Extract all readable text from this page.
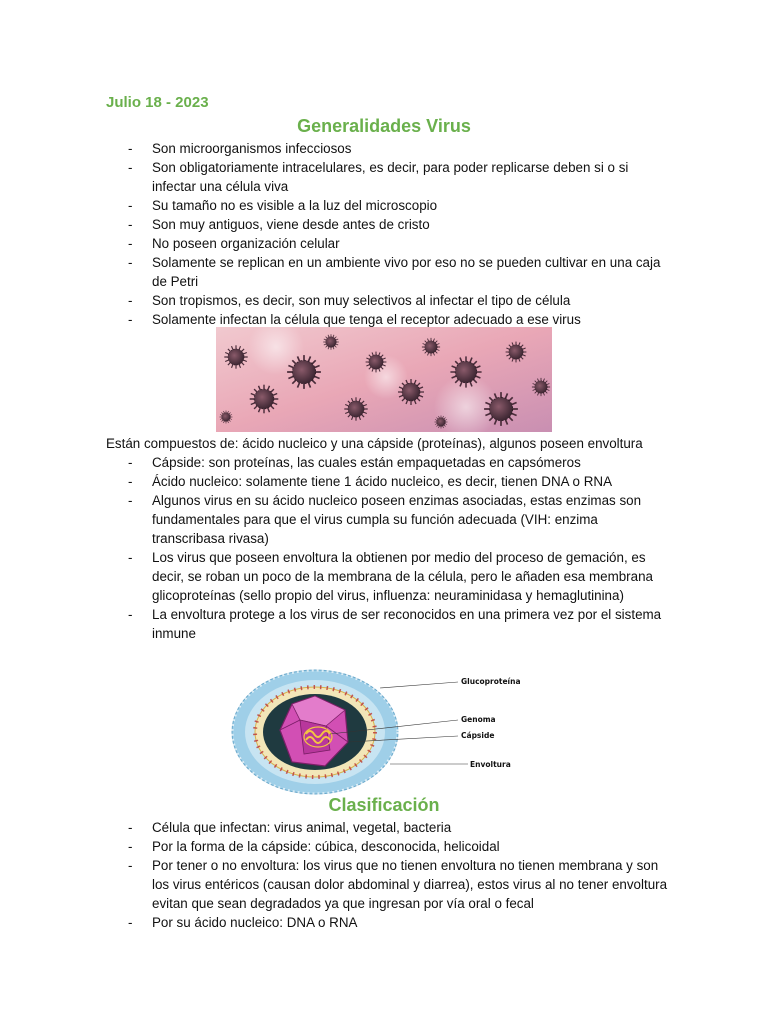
Julio 18 - 2023
Generalidades Virus
- Son microorganismos infecciosos
- Son obligatoriamente intracelulares, es decir, para poder replicarse deben si o si infectar una célula viva
- Su tamaño no es visible a la luz del microscopio
- Son muy antiguos, viene desde antes de cristo
- No poseen organización celular
- Solamente se replican en un ambiente vivo por eso no se pueden cultivar en una caja de Petri
- Son tropismos, es decir, son muy selectivos al infectar el tipo de célula
- Solamente infectan la célula que tenga el receptor adecuado a ese virus
Están compuestos de: ácido nucleico y una cápside (proteínas), algunos poseen envoltura
- Cápside: son proteínas, las cuales están empaquetadas en capsómeros
- Ácido nucleico: solamente tiene 1 ácido nucleico, es decir, tienen DNA o RNA
- Algunos virus en su ácido nucleico poseen enzimas asociadas, estas enzimas son fundamentales para que el virus cumpla su función adecuada (VIH: enzima transcribasa rivasa)
- Los virus que poseen envoltura la obtienen por medio del proceso de gemación, es decir, se roban un poco de la membrana de la célula, pero le añaden esa membrana glicoproteínas (sello propio del virus, influenza: neuraminidasa y hemaglutinina)
- La envoltura protege a los virus de ser reconocidos en una primera vez por el sistema inmune
Glucoproteína
Genoma
Cápside
Envoltura
Clasificación
- Célula que infectan: virus animal, vegetal, bacteria
- Por la forma de la cápside: cúbica, desconocida, helicoidal
- Por tener o no envoltura: los virus que no tienen envoltura no tienen membrana y son los virus entéricos (causan dolor abdominal y diarrea), estos virus al no tener envoltura evitan que sean degradados ya que ingresan por vía oral o fecal
- Por su ácido nucleico: DNA o RNA
